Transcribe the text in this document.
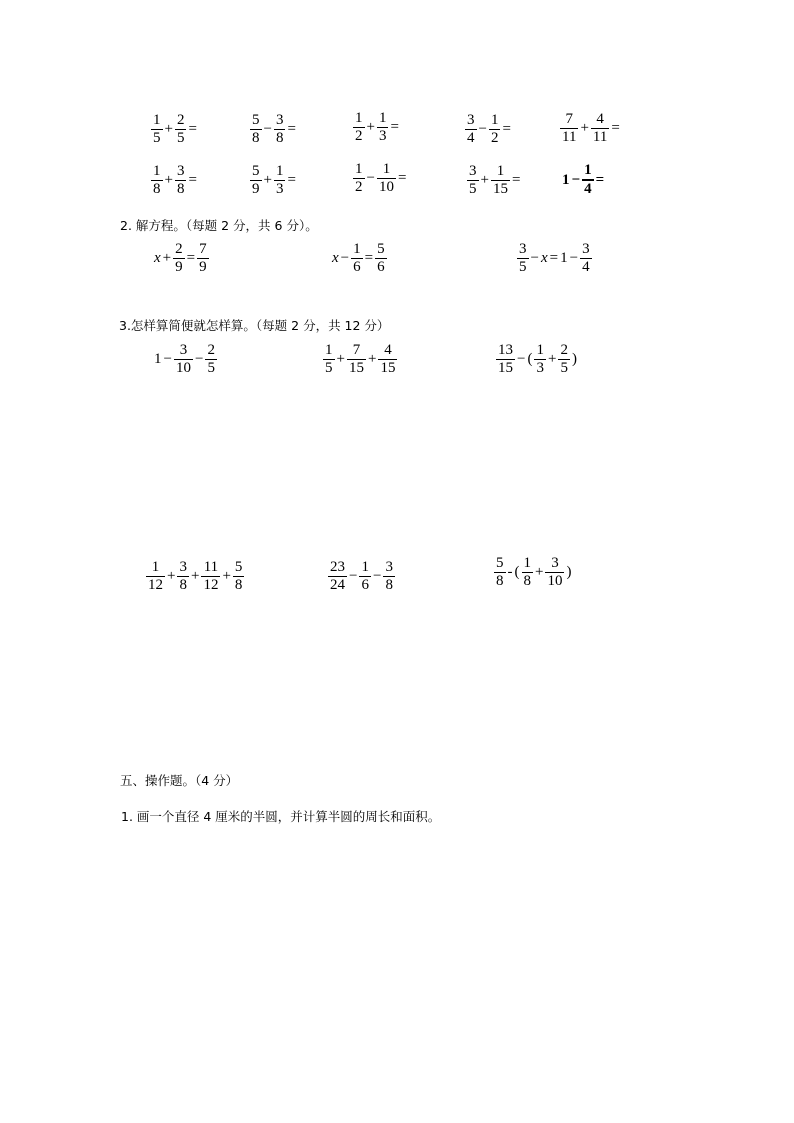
$\frac{1}{5} + \frac{2}{5}$ =	$\frac{5}{8} - \frac{3}{8}$ =	$\frac{1}{2} + \frac{1}{3}$ =	$\frac{3}{4} - \frac{1}{2}$ =	$\frac{7}{11} + \frac{4}{11}$ =
$\frac{1}{8} + \frac{3}{8}$ =	$\frac{5}{9} + \frac{1}{3}$ =	$\frac{1}{2} - \frac{1}{10}$ =	$\frac{3}{5} + \frac{1}{15}$ =	$1 - \frac{1}{4}$ =
2. 解方程。（每题 2 分，共 6 分）。
$x + \frac{2}{9} = \frac{7}{9}$	$x - \frac{1}{6} = \frac{5}{6}$	$\frac{3}{5} - x = 1 - \frac{3}{4}$
3.怎样算简便就怎样算。（每题 2 分，共 12 分）
$1 - \frac{3}{10} - \frac{2}{5}$	$\frac{1}{5} + \frac{7}{15} + \frac{4}{15}$	$\frac{13}{15}$ − ( $\frac{1}{3} + \frac{2}{5}$ )
$\frac{1}{12} + \frac{3}{8} + \frac{11}{12} + \frac{5}{8}$	$\frac{23}{24} - \frac{1}{6} - \frac{3}{8}$	$\frac{5}{8}$ - ( $\frac{1}{8} + \frac{3}{10}$ )
五、操作题。（4 分）
1. 画一个直径 4 厘米的半圆，并计算半圆的周长和面积。
